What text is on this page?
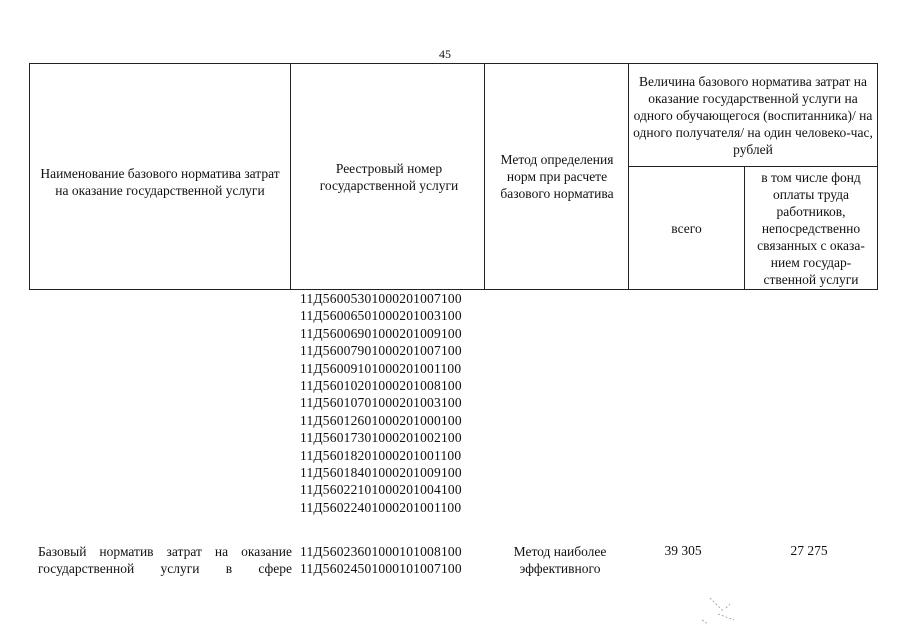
45
Наименование базового норматива затрат на оказание государственной услуги
Реестровый номер государственной услуги
Метод определения норм при расчете базового норматива
Величина базового норматива затрат на оказание государственной услуги на одного обучающегося (воспитанника)/ на одного получателя/ на один человеко-час, рублей
всего
в том числе фонд оплаты труда работников, непосредственно связанных с оказа-нием государ-ственной услуги
11Д56005301000201007100
11Д56006501000201003100
11Д56006901000201009100
11Д56007901000201007100
11Д56009101000201001100
11Д56010201000201008100
11Д56010701000201003100
11Д56012601000201000100
11Д56017301000201002100
11Д56018201000201001100
11Д56018401000201009100
11Д56022101000201004100
11Д56022401000201001100
Базовый норматив затрат на оказание
государственной услуги в сфере
11Д56023601000101008100
11Д56024501000101007100
Метод наиболее
эффективного
39 305	27 275
